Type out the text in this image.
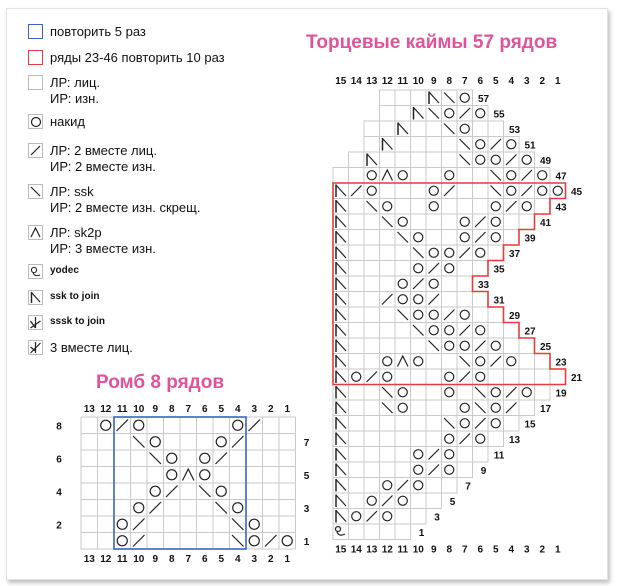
повторить 5 раз
ряды 23-46 повторить 10 раз
ЛР: лиц.
ИР: изн.
накид
ЛР: 2 вместе лиц.
ИР: 2 вместе изн.
ЛР: ssk
ИР: 2 вместе изн. скрещ.
ЛР: sk2p
ИР: 3 вместе изн.
yodec
ssk to join
sssk to join
3 вместе лиц.
Торцевые каймы 57 рядов
Ромб 8 рядов
13
13
12
12
11
11
10
10
9
9
8
8
7
7
6
6
5
5
4
4
3
3
2
2
1
1
8
6
4
2
7
5
3
1
57
55
53
51
49
47
45
43
41
39
37
35
33
31
29
27
25
23
21
19
17
15
13
11
9
7
5
3
1
15
15
14
14
13
13
12
12
11
11
10
10
9
9
8
8
7
7
6
6
5
5
4
4
3
3
2
2
1
1
